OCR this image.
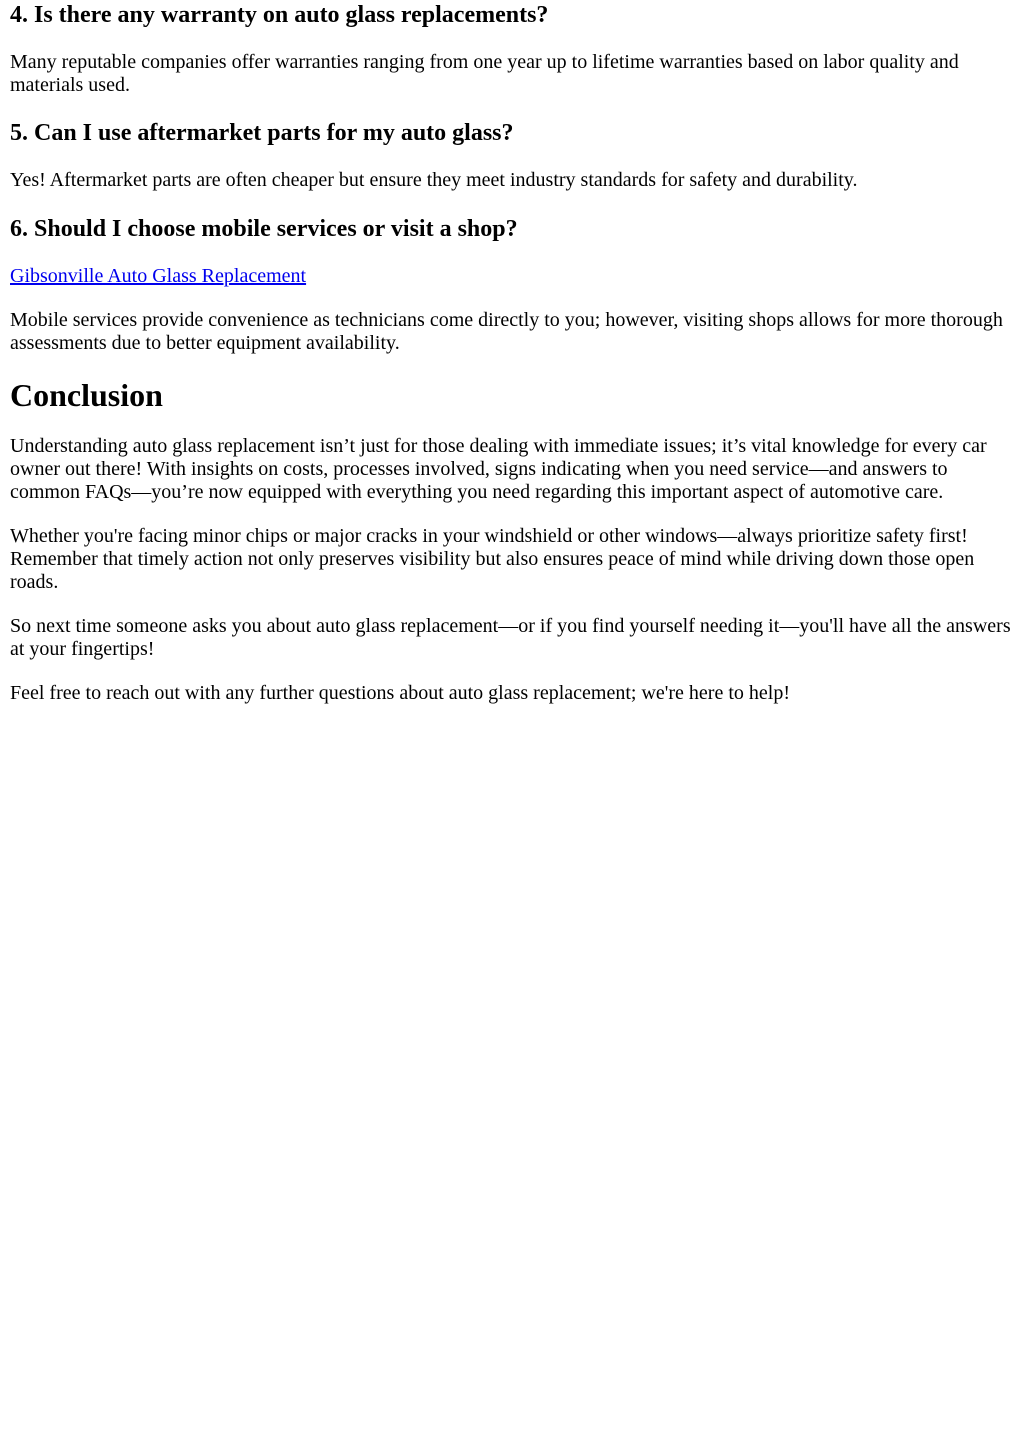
4. Is there any warranty on auto glass replacements?

Many reputable companies offer warranties ranging from one year up to lifetime warranties based on labor quality and materials used.

5. Can I use aftermarket parts for my auto glass?

Yes! Aftermarket parts are often cheaper but ensure they meet industry standards for safety and durability.

6. Should I choose mobile services or visit a shop?

Gibsonville Auto Glass Replacement

Mobile services provide convenience as technicians come directly to you; however, visiting shops allows for more thorough assessments due to better equipment availability.

Conclusion

Understanding auto glass replacement isn’t just for those dealing with immediate issues; it’s vital knowledge for every car owner out there! With insights on costs, processes involved, signs indicating when you need service—and answers to common FAQs—you’re now equipped with everything you need regarding this important aspect of automotive care.

Whether you're facing minor chips or major cracks in your windshield or other windows—always prioritize safety first! Remember that timely action not only preserves visibility but also ensures peace of mind while driving down those open roads.

So next time someone asks you about auto glass replacement—or if you find yourself needing it—you'll have all the answers at your fingertips!

Feel free to reach out with any further questions about auto glass replacement; we're here to help!
